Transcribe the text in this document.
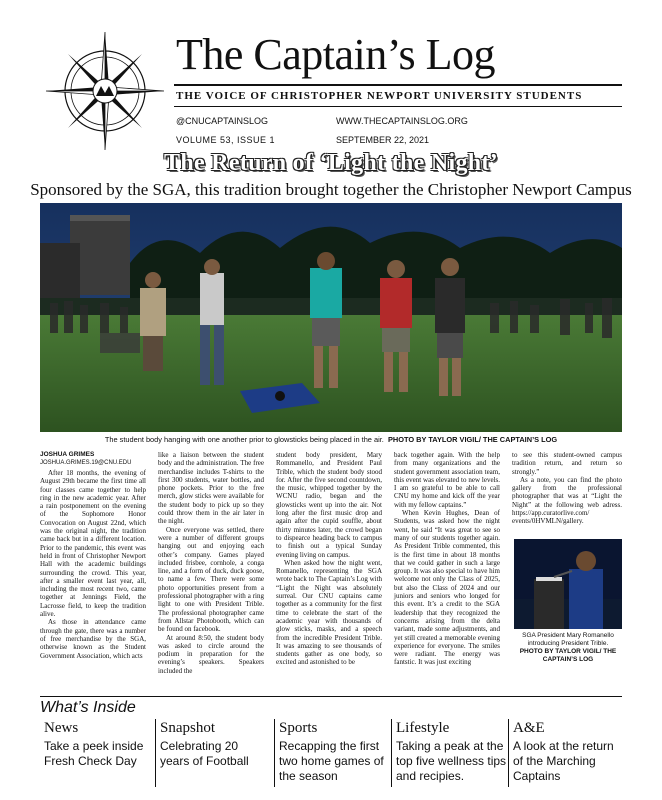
The Captain’s Log
THE VOICE OF CHRISTOPHER NEWPORT UNIVERSITY STUDENTS
@CNUCAPTAINSLOG	WWW.THECAPTAINSLOG.ORG
VOLUME 53, ISSUE 1	SEPTEMBER 22, 2021
The Return of ‘Light the Night’
Sponsored by the SGA, this tradition brought together the Christopher Newport Campus
The student body hanging with one another prior to glowsticks being placed in the air. PHOTO BY TAYLOR VIGIL/ THE CAPTAIN’S LOG
JOSHUA GRIMES
JOSHUA.GRIMES.19@CNU.EDU

After 18 months, the evening of August 29th became the first time all four classes came together to help ring in the new academic year. After a rain postponement on the evening of the Sophomore Honor Convocation on August 22nd, which was the original night, the tradition came back but in a different location. Prior to the pandemic, this event was held in front of Christopher Newport Hall with the academic buildings surrounding the crowd. This year, after a smaller event last year, all, including the most recent two, came together at Jennings Field, the Lacrosse field, to keep the tradition alive.

As those in attendance came through the gate, there was a number of free merchandise by the SGA, otherwise known as the Student Government Association, which acts

like a liaison between the student body and the administration. The free merchandise includes T-shirts to the first 300 students, water bottles, and phone pockets. Prior to the free merch, glow sticks were available for the student body to pick up so they could throw them in the air later in the night.

Once everyone was settled, there were a number of different groups hanging out and enjoying each other’s company. Games played included frisbee, cornhole, a conga line, and a form of duck, duck goose, to name a few. There were some photo opportunities present from a professional photographer with a ring light to one with President Trible. The professional photographer came from Allstar Photobooth, which can be found on facebook.

At around 8:50, the student body was asked to circle around the podium in preparation for the evening’s speakers. Speakers included the

student body president, Mary Rommanello, and President Paul Trible, which the student body stood for. After the five second countdown, the music, whipped together by the WCNU radio, began and the glowsticks went up into the air. Not long after the first music drop and again after the cupid souffle, about thirty minutes later, the crowd began to dispearce heading back to campus to finish out a typical Sunday evening living on campus.

When asked how the night went, Romanello, representing the SGA wrote back to The Captain’s Log with “Light the Night was absolutely surreal. Our CNU captains came together as a community for the first time to celebrate the start of the academic year with thousands of glow sticks, masks, and a speech from the incredible President Trible. It was amazing to see thousands of students gather as one body, so excited and astonished to be

back together again. With the help from many organizations and the student government association team, this event was elevated to new levels. I am so grateful to be able to call CNU my home and kick off the year with my fellow captains.”

When Kevin Hughes, Dean of Students, was asked how the night went, he said “It was great to see so many of our students together again. As President Trible commented, this is the first time in about 18 months that we could gather in such a large group. It was also special to have him welcome not only the Class of 2025, but also the Class of 2024 and our juniors and seniors who longed for this event. It’s a credit to the SGA leadership that they recognized the concerns arising from the delta variant, made some adjustments, and yet still created a memorable evening experience for everyone. The smiles were radiant. The energy was fantstic. It was just exciting

to see this student-owned campus tradition return, and return so strongly.”

As a note, you can find the photo gallery from the professional photographer that was at “Light the Night” at the following web adress. https://app.curatorlive.com/ events/0HVMLN/gallery.

SGA President Mary Romanello introducing President Trible.
PHOTO BY TAYLOR VIGIL/ THE CAPTAIN’S LOG
What’s Inside
News
Take a peek inside Fresh Check Day
Snapshot
Celebrating 20 years of Football
Sports
Recapping the first two home games of the season
Lifestyle
Taking a peak at the top five wellness tips and recipies.
A&E
A look at the return of the Marching Captains
